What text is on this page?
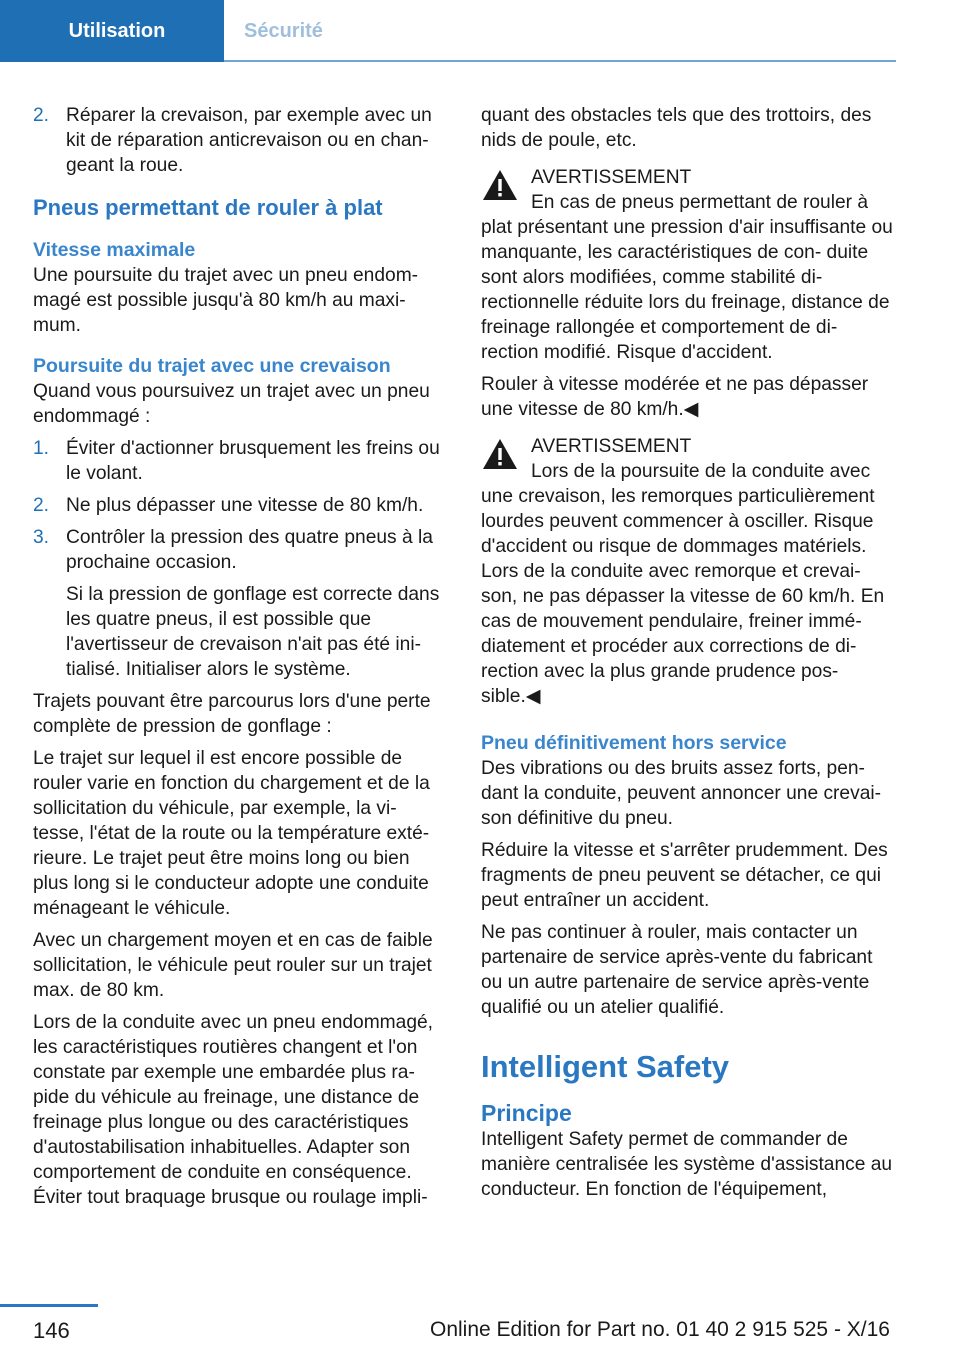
Utilisation	Sécurité
2. Réparer la crevaison, par exemple avec un kit de réparation anticrevaison ou en chan‐ geant la roue.
Pneus permettant de rouler à plat
Vitesse maximale

Une poursuite du trajet avec un pneu endom‐ magé est possible jusqu'à 80 km/h au maxi‐ mum.

Poursuite du trajet avec une crevaison

Quand vous poursuivez un trajet avec un pneu endommagé :

1. Éviter d'actionner brusquement les freins ou le volant.
2. Ne plus dépasser une vitesse de 80 km/h.
3. Contrôler la pression des quatre pneus à la prochaine occasion.

Si la pression de gonflage est correcte dans les quatre pneus, il est possible que l'avertisseur de crevaison n'ait pas été ini‐ tialisé. Initialiser alors le système.

Trajets pouvant être parcourus lors d'une perte complète de pression de gonflage :

Le trajet sur lequel il est encore possible de rouler varie en fonction du chargement et de la sollicitation du véhicule, par exemple, la vi‐ tesse, l'état de la route ou la température exté‐ rieure. Le trajet peut être moins long ou bien plus long si le conducteur adopte une conduite ménageant le véhicule.

Avec un chargement moyen et en cas de faible sollicitation, le véhicule peut rouler sur un trajet max. de 80 km.

Lors de la conduite avec un pneu endommagé, les caractéristiques routières changent et l'on constate par exemple une embardée plus ra‐ pide du véhicule au freinage, une distance de freinage plus longue ou des caractéristiques d'autostabilisation inhabituelles. Adapter son comportement de conduite en conséquence. Éviter tout braquage brusque ou roulage impli‐

quant des obstacles tels que des trottoirs, des nids de poule, etc.

AVERTISSEMENT
En cas de pneus permettant de rouler à
plat présentant une pression d'air insuffisante ou manquante, les caractéristiques de con‐ duite sont alors modifiées, comme stabilité di‐ rectionnelle réduite lors du freinage, distance de freinage rallongée et comportement de di‐ rection modifié. Risque d'accident.

Rouler à vitesse modérée et ne pas dépasser une vitesse de 80 km/h.◀

AVERTISSEMENT
Lors de la poursuite de la conduite avec
une crevaison, les remorques particulièrement lourdes peuvent commencer à osciller. Risque d'accident ou risque de dommages matériels. Lors de la conduite avec remorque et crevai‐ son, ne pas dépasser la vitesse de 60 km/h. En cas de mouvement pendulaire, freiner immé‐ diatement et procéder aux corrections de di‐ rection avec la plus grande prudence pos‐ sible.◀
Pneu définitivement hors service

Des vibrations ou des bruits assez forts, pen‐ dant la conduite, peuvent annoncer une crevai‐ son définitive du pneu.

Réduire la vitesse et s'arrêter prudemment. Des fragments de pneu peuvent se détacher, ce qui peut entraîner un accident.

Ne pas continuer à rouler, mais contacter un partenaire de service après-vente du fabricant ou un autre partenaire de service après-vente qualifié ou un atelier qualifié.

Intelligent Safety
Principe

Intelligent Safety permet de commander de manière centralisée les système d'assistance au conducteur. En fonction de l'équipement,

146	Online Edition for Part no. 01 40 2 915 525 - X/16
